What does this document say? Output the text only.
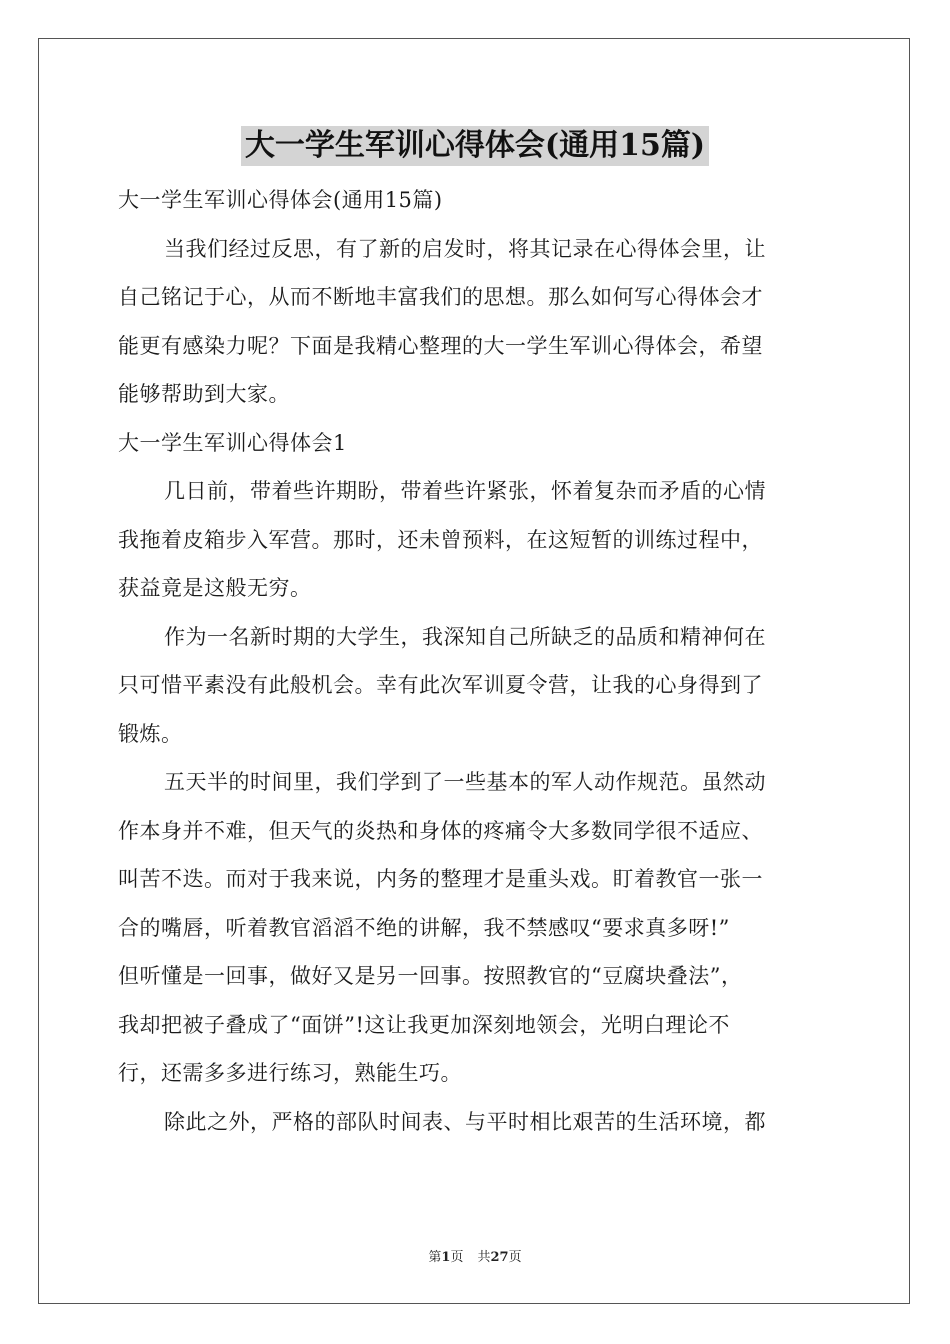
大一学生军训心得体会(通用15篇)
大一学生军训心得体会(通用15篇)
当我们经过反思，有了新的启发时，将其记录在心得体会里，让
自己铭记于心，从而不断地丰富我们的思想。那么如何写心得体会才
能更有感染力呢？下面是我精心整理的大一学生军训心得体会，希望
能够帮助到大家。
大一学生军训心得体会1
几日前，带着些许期盼，带着些许紧张，怀着复杂而矛盾的心情
我拖着皮箱步入军营。那时，还未曾预料，在这短暂的训练过程中，
获益竟是这般无穷。
作为一名新时期的大学生，我深知自己所缺乏的品质和精神何在
只可惜平素没有此般机会。幸有此次军训夏令营，让我的心身得到了
锻炼。
五天半的时间里，我们学到了一些基本的军人动作规范。虽然动
作本身并不难，但天气的炎热和身体的疼痛令大多数同学很不适应、
叫苦不迭。而对于我来说，内务的整理才是重头戏。盯着教官一张一
合的嘴唇，听着教官滔滔不绝的讲解，我不禁感叹“要求真多呀!”
但听懂是一回事，做好又是另一回事。按照教官的“豆腐块叠法”，
我却把被子叠成了“面饼”!这让我更加深刻地领会，光明白理论不
行，还需多多进行练习，熟能生巧。
除此之外，严格的部队时间表、与平时相比艰苦的生活环境，都
第1页 共27页
